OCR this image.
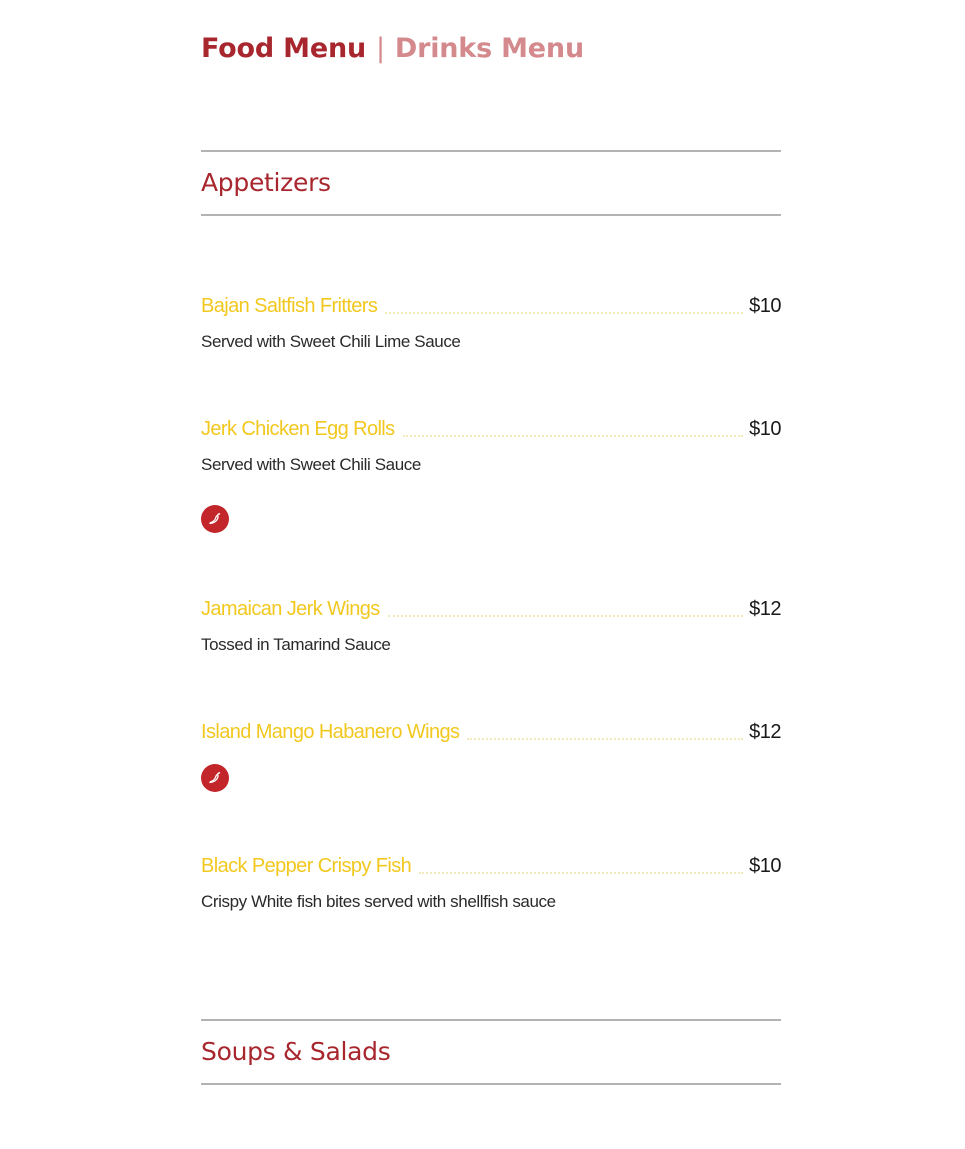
Food Menu | Drinks Menu
Appetizers
Bajan Saltfish Fritters	$10
Served with Sweet Chili Lime Sauce
Jerk Chicken Egg Rolls	$10
Served with Sweet Chili Sauce
Jamaican Jerk Wings	$12
Tossed in Tamarind Sauce
Island Mango Habanero Wings	$12
Black Pepper Crispy Fish	$10
Crispy White fish bites served with shellfish sauce
Soups & Salads
